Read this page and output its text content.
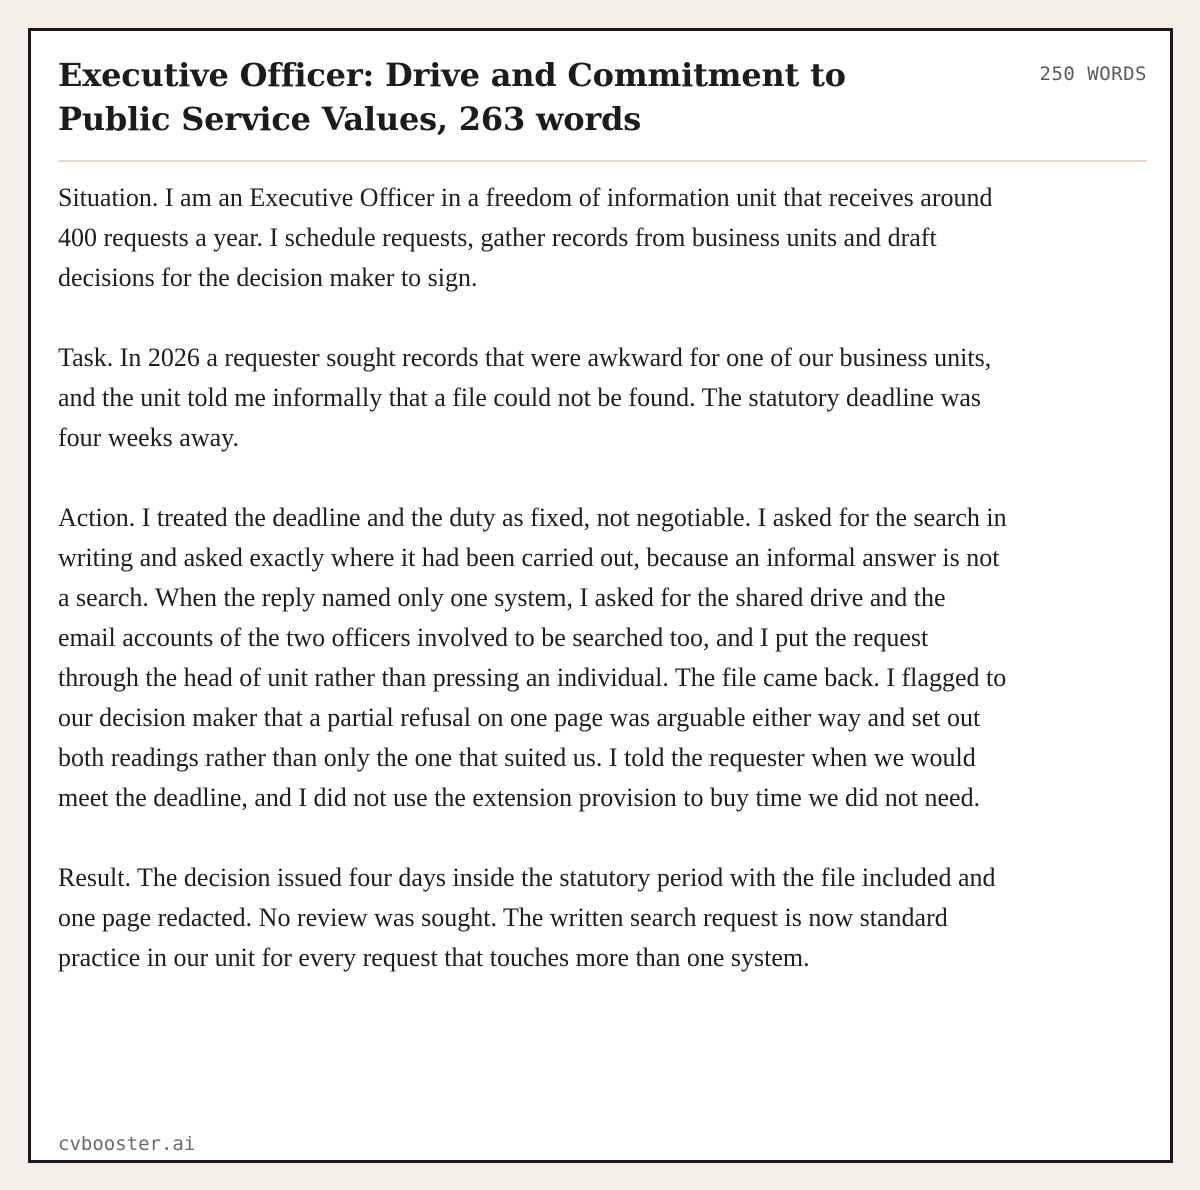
Executive Officer: Drive and Commitment to Public Service Values, 263 words
250 WORDS

Situation. I am an Executive Officer in a freedom of information unit that receives around 400 requests a year. I schedule requests, gather records from business units and draft decisions for the decision maker to sign.

Task. In 2026 a requester sought records that were awkward for one of our business units, and the unit told me informally that a file could not be found. The statutory deadline was four weeks away.

Action. I treated the deadline and the duty as fixed, not negotiable. I asked for the search in writing and asked exactly where it had been carried out, because an informal answer is not a search. When the reply named only one system, I asked for the shared drive and the email accounts of the two officers involved to be searched too, and I put the request through the head of unit rather than pressing an individual. The file came back. I flagged to our decision maker that a partial refusal on one page was arguable either way and set out both readings rather than only the one that suited us. I told the requester when we would meet the deadline, and I did not use the extension provision to buy time we did not need.

Result. The decision issued four days inside the statutory period with the file included and one page redacted. No review was sought. The written search request is now standard practice in our unit for every request that touches more than one system.

cvbooster.ai
